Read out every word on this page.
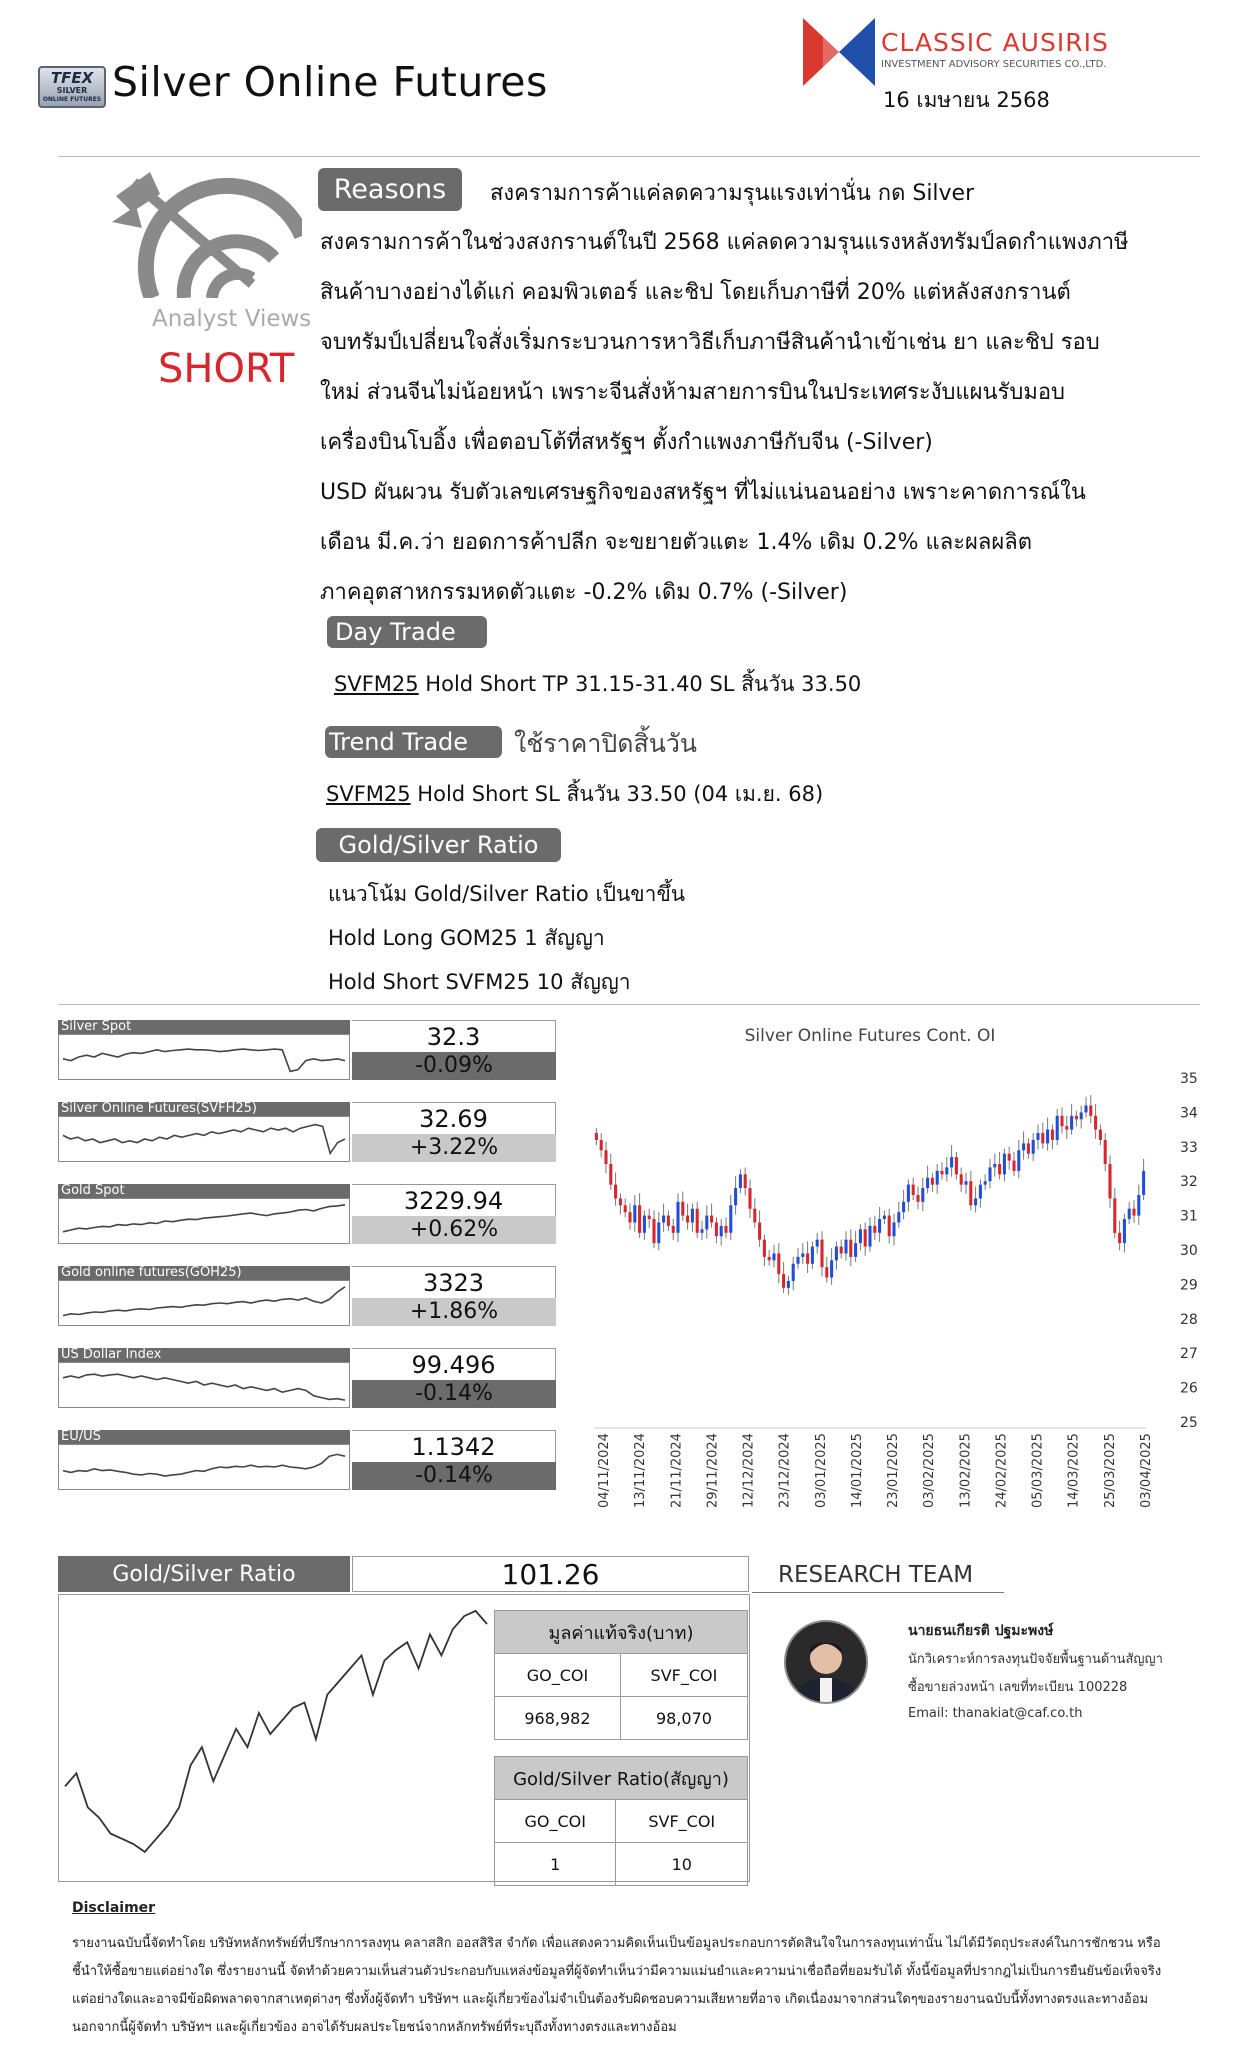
TFEX
SILVER
ONLINE FUTURES Silver Online Futures
CLASSIC AUSIRIS
INVESTMENT ADVISORY SECURITIES CO.,LTD.
16 เมษายน 2568
Analyst Views
SHORT
Reasons	สงครามการค้าแค่ลดความรุนแรงเท่านั่น กด Silver
สงครามการค้าในช่วงสงกรานต์ในปี 2568 แค่ลดความรุนแรงหลังทรัมป์ลดกำแพงภาษี
สินค้าบางอย่างได้แก่ คอมพิวเตอร์ และชิป โดยเก็บภาษีที่ 20% แต่หลังสงกรานต์
จบทรัมป์เปลี่ยนใจสั่งเริ่มกระบวนการหาวิธีเก็บภาษีสินค้านำเข้าเช่น ยา และชิป รอบ
ใหม่ ส่วนจีนไม่น้อยหน้า เพราะจีนสั่งห้ามสายการบินในประเทศระงับแผนรับมอบ
เครื่องบินโบอิ้ง เพื่อตอบโต้ที่สหรัฐฯ ตั้งกำแพงภาษีกับจีน (-Silver)
USD ผันผวน รับตัวเลขเศรษฐกิจของสหรัฐฯ ที่ไม่แน่นอนอย่าง เพราะคาดการณ์ใน
เดือน มี.ค.ว่า ยอดการค้าปลีก จะขยายตัวแตะ 1.4% เดิม 0.2% และผลผลิต
ภาคอุตสาหกรรมหดตัวแตะ -0.2% เดิม 0.7% (-Silver)
Day Trade
SVFM25 Hold Short TP 31.15-31.40 SL สิ้นวัน 33.50
Trend Trade	ใช้ราคาปิดสิ้นวัน
SVFM25 Hold Short SL สิ้นวัน 33.50 (04 เม.ย. 68)
Gold/Silver Ratio
แนวโน้ม Gold/Silver Ratio เป็นขาขึ้น
Hold Long GOM25 1 สัญญา
Hold Short SVFM25 10 สัญญา
Silver Spot	32.3
-0.09%
Silver Online Futures(SVFH25)	32.69
+3.22%
Gold Spot	3229.94
+0.62%
Gold online futures(GOH25)	3323
+1.86%
US Dollar Index	99.496
-0.14%
EU/US	1.1342
-0.14%
Silver Online Futures Cont. OI
25
26
27
28
29
30
31
32
33
34
35
04/11/2024 13/11/2024 21/11/2024 29/11/2024 12/12/2024 23/12/2024 03/01/2025 14/01/2025 23/01/2025 03/02/2025 13/02/2025 24/02/2025 05/03/2025 14/03/2025 25/03/2025 03/04/2025
Gold/Silver Ratio	101.26
มูลค่าแท้จริง(บาท)	
GO_COI	SVF_COI
968,982	98,070
Gold/Silver Ratio(สัญญา)	
GO_COI	SVF_COI
1	10
RESEARCH TEAM
นายธนเกียรติ ปฐมะพงษ์
นักวิเคราะห์การลงทุนปัจจัยพื้นฐานด้านสัญญา
ซื้อขายล่วงหน้า เลขที่ทะเบียน 100228
Email: thanakiat@caf.co.th
Disclaimer
รายงานฉบับนี้จัดทำโดย บริษัทหลักทรัพย์ที่ปรึกษาการลงทุน คลาสสิก ออสสิริส จำกัด เพื่อแสดงความคิดเห็นเป็นข้อมูลประกอบการตัดสินใจในการลงทุนเท่านั้น ไม่ได้มีวัตถุประสงค์ในการชักชวน หรือ
ชี้นำให้ซื้อขายแต่อย่างใด ซึ่งรายงานนี้ จัดทำด้วยความเห็นส่วนตัวประกอบกับแหล่งข้อมูลที่ผู้จัดทำเห็นว่ามีความแม่นยำและความน่าเชื่อถือที่ยอมรับได้ ทั้งนี้ข้อมูลที่ปรากฎไม่เป็นการยืนยันข้อเท็จจริง
แต่อย่างใดและอาจมีข้อผิดพลาดจากสาเหตุต่างๆ ซึ่งทั้งผู้จัดทำ บริษัทฯ และผู้เกี่ยวข้องไม่จำเป็นต้องรับผิดชอบความเสียหายที่อาจ เกิดเนื่องมาจากส่วนใดๆของรายงานฉบับนี้ทั้งทางตรงและทางอ้อม
นอกจากนี้ผู้จัดทำ บริษัทฯ และผู้เกี่ยวข้อง อาจได้รับผลประโยชน์จากหลักทรัพย์ที่ระบุถึงทั้งทางตรงและทางอ้อม
